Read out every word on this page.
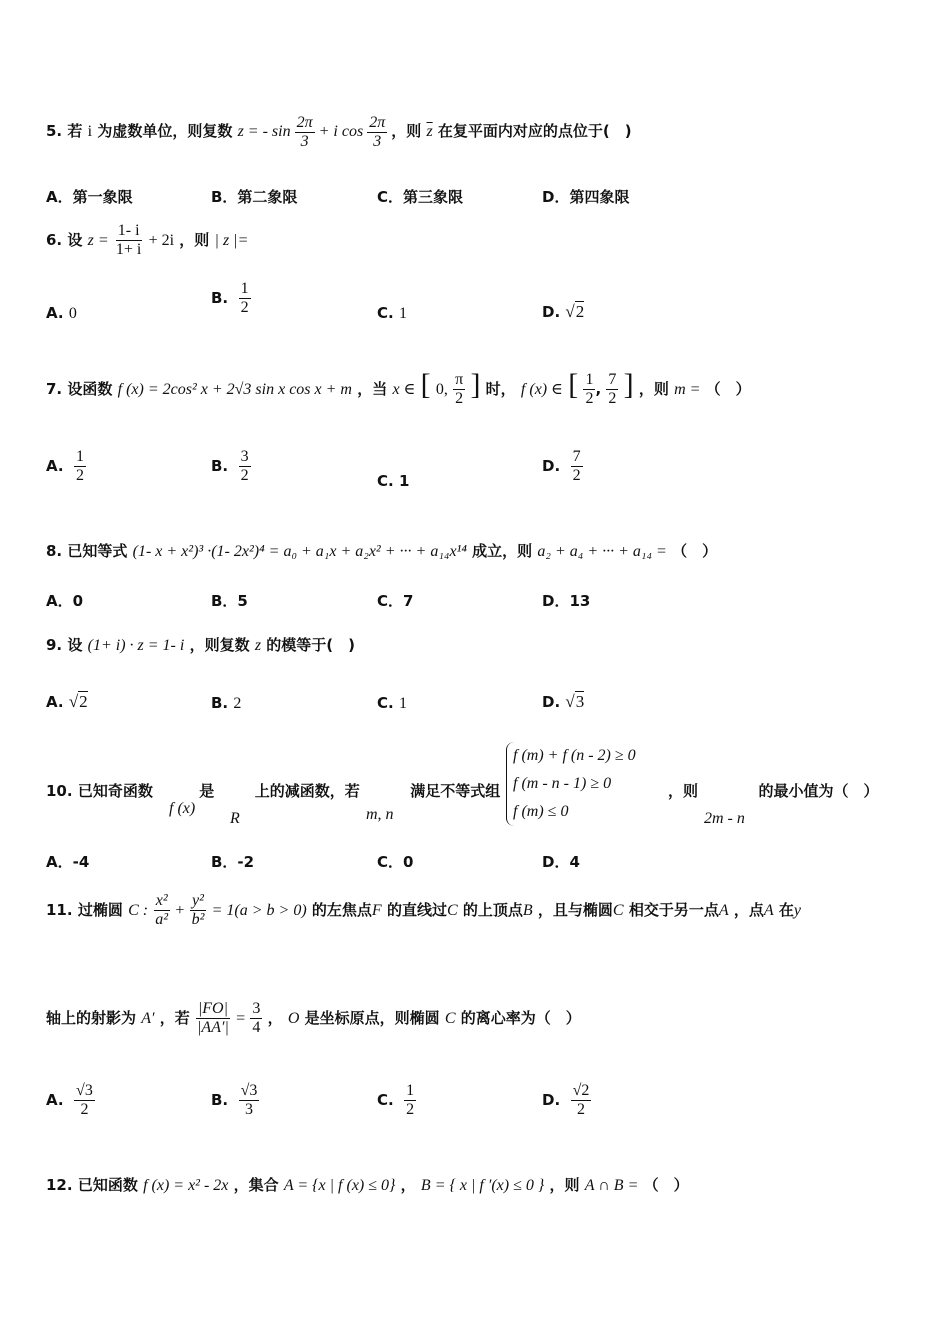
5. 若 i 为虚数单位，则复数 z = - $\sin \frac{2\pi}{3} + i$ $\cos \frac{2\pi}{3}$ ，则 $\overline{z}$ 在复平面内对应的点位于(　)
A．第一象限	B．第二象限	C．第三象限	D．第四象限
6. 设 $z = \frac{1- i}{1+ i} + 2i$ ，则 | z |=
A. 0
B. $\frac{1}{2}$	C. 1	D. √2
7. 设函数 f (x) = 2cos² x + 2√3 sin x cos x + m ，当 x ∈ [ 0, $\frac{\pi}{2}$ ] 时， f (x) ∈ [ $\frac{1}{2}$ , $\frac{7}{2}$ ] ，则 m = （　）
A. $\frac{1}{2}$	B. $\frac{3}{2}$	C. 1
D. $\frac{7}{2}$
8. 已知等式 (1- x + x²)³ ·(1- 2x²)⁴ = a₀ + a₁x + a₂x² + ··· + a₁₄x¹⁴ 成立，则 a₂ + a₄ + ··· + a₁₄ = （　）
A．0	B．5	C．7	D．13
9. 设 (1+ i) · z = 1- i ，则复数 z 的模等于(　)
A. √2	B. 2	C. 1	D. √3
10. 已知奇函数	是	上的减函数，若	满足不等式组
f (m) + f (n - 2) ≥ 0
f (m - n - 1) ≥ 0
f (m) ≤ 0
，则	的最小值为（　）
f (x)
R	m, n	2m - n
A．-4	B．-2	C．0	D．4
11. 过椭圆 C : $\frac{\text{x²}}{\text{a²}} + \frac{\text{y²}}{\text{b²}} = 1(a > b > 0)$ 的左焦点F 的直线过C 的上顶点B ，且与椭圆C 相交于另一点A ，点A 在y
轴上的射影为 A′ ，若 $\frac{|FO|}{|AA'|} = \frac{3}{4}$ ， O 是坐标原点，则椭圆 C 的离心率为（　）
A. $\frac{√3}{2}$	B. $\frac{√3}{3}$	C. $\frac{1}{2}$	D. $\frac{√2}{2}$
12. 已知函数 f (x) = x² - 2x ，集合 A = {x | f (x) ≤ 0} ， B = { x | f ′(x) ≤ 0 } ，则 A ∩ B = （　）
